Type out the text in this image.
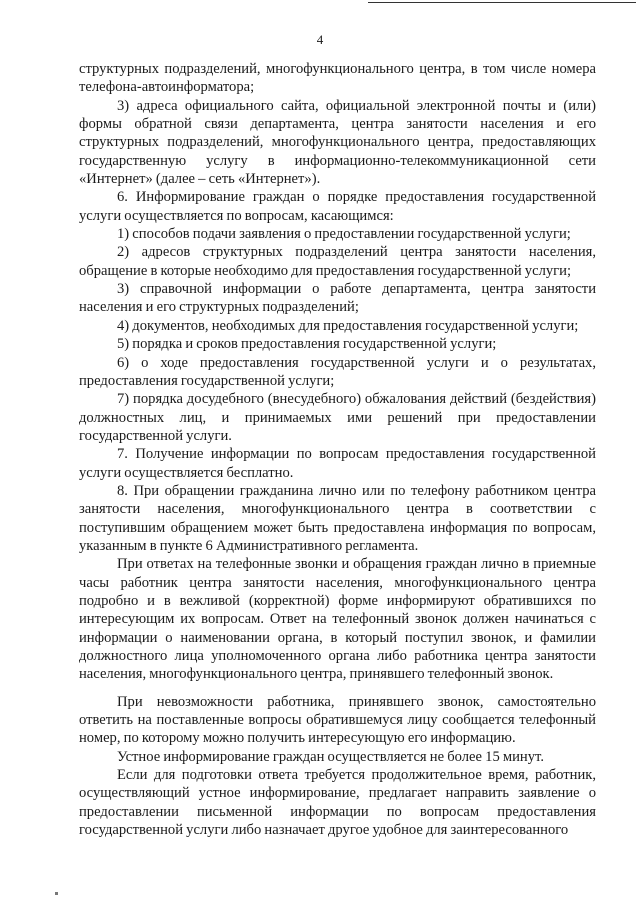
4

структурных подразделений, многофункционального центра, в том числе номера телефона-автоинформатора;

3) адреса официального сайта, официальной электронной почты и (или) формы обратной связи департамента, центра занятости населения и его структурных подразделений, многофункционального центра, предоставляющих государственную услугу в информационно-телекоммуникационной сети «Интернет» (далее – сеть «Интернет»).

6. Информирование граждан о порядке предоставления государственной услуги осуществляется по вопросам, касающимся:

1) способов подачи заявления о предоставлении государственной услуги;

2) адресов структурных подразделений центра занятости населения, обращение в которые необходимо для предоставления государственной услуги;

3) справочной информации о работе департамента, центра занятости населения и его структурных подразделений;

4) документов, необходимых для предоставления государственной услуги;

5) порядка и сроков предоставления государственной услуги;

6) о ходе предоставления государственной услуги и о результатах, предоставления государственной услуги;

7) порядка досудебного (внесудебного) обжалования действий (бездействия) должностных лиц, и принимаемых ими решений при предоставлении государственной услуги.

7. Получение информации по вопросам предоставления государственной услуги осуществляется бесплатно.

8. При обращении гражданина лично или по телефону работником центра занятости населения, многофункционального центра в соответствии с поступившим обращением может быть предоставлена информация по вопросам, указанным в пункте 6 Административного регламента.

При ответах на телефонные звонки и обращения граждан лично в приемные часы работник центра занятости населения, многофункционального центра подробно и в вежливой (корректной) форме информируют обратившихся по интересующим их вопросам. Ответ на телефонный звонок должен начинаться с информации о наименовании органа, в который поступил звонок, и фамилии должностного лица уполномоченного органа либо работника центра занятости населения, многофункционального центра, принявшего телефонный звонок.

При невозможности работника, принявшего звонок, самостоятельно ответить на поставленные вопросы обратившемуся лицу сообщается телефонный номер, по которому можно получить интересующую его информацию.

Устное информирование граждан осуществляется не более 15 минут.

Если для подготовки ответа требуется продолжительное время, работник, осуществляющий устное информирование, предлагает направить заявление о предоставлении письменной информации по вопросам предоставления государственной услуги либо назначает другое удобное для заинтересованного
